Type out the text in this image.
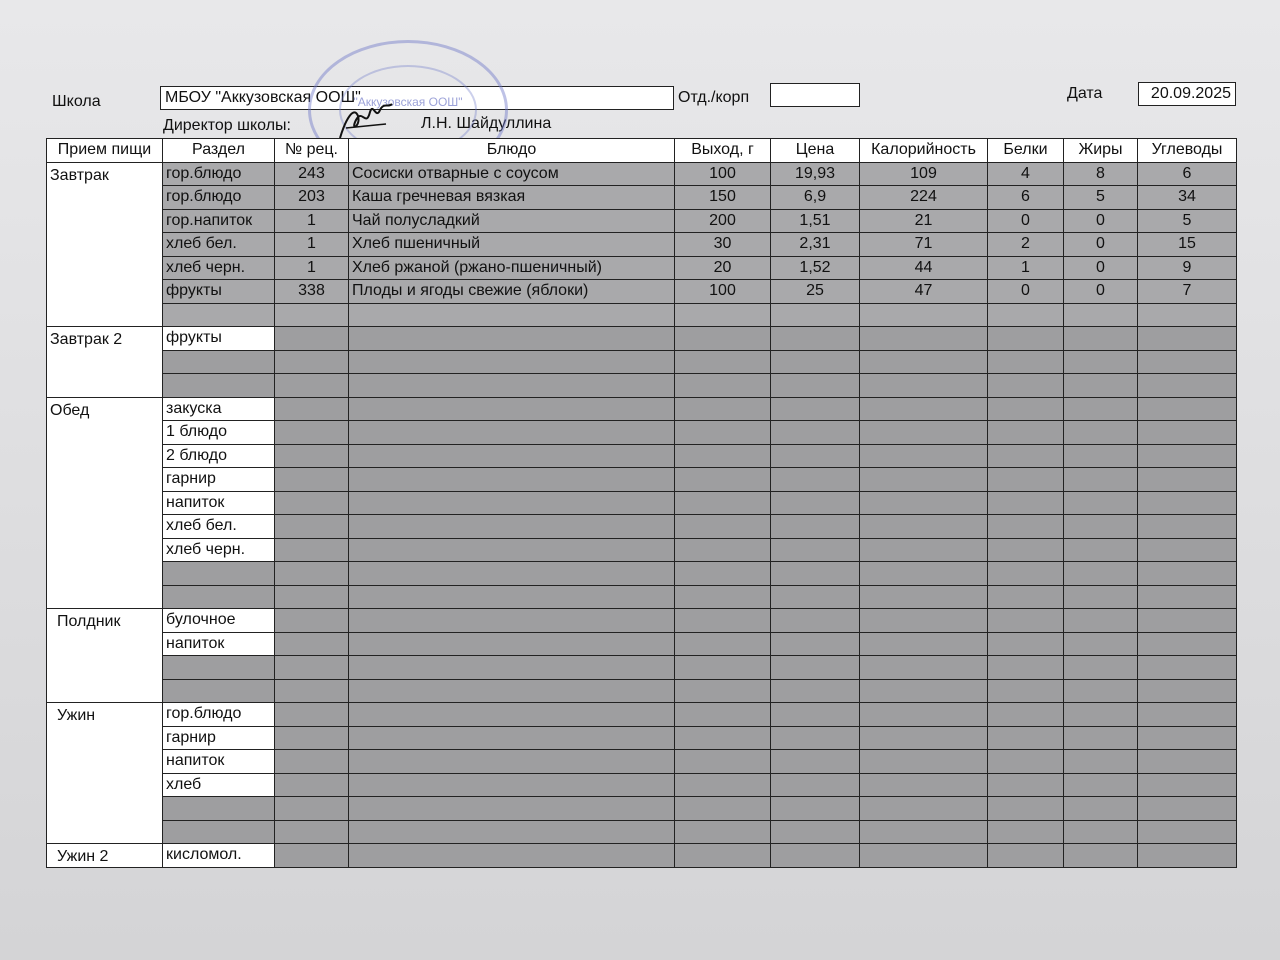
Школа	МБОУ "Аккузовская ООШ"	Отд./корп	Дата	20.09.2025
Директор школы:	Л.Н. Шайдуллина
"Аккузовская ООШ"
Прием пищи	Раздел	№ рец.	Блюдо	Выход, г	Цена	Калорийность	Белки	Жиры	Углеводы
Завтрак	гор.блюдо	243	Сосиски отварные с соусом	100	19,93	109	4	8	6
	гор.блюдо	203	Каша гречневая вязкая	150	6,9	224	6	5	34
	гор.напиток	1	Чай полусладкий	200	1,51	21	0	0	5
	хлеб бел.	1	Хлеб пшеничный	30	2,31	71	2	0	15
	хлеб черн.	1	Хлеб ржаной (ржано-пшеничный)	20	1,52	44	1	0	9
	фрукты	338	Плоды и ягоды свежие (яблоки)	100	25	47	0	0	7

Завтрак 2	фрукты								

Обед	закуска								
	1 блюдо								
	2 блюдо								
	гарнир								
	напиток								
	хлеб бел.								
	хлеб черн.								

Полдник	булочное								
	напиток								

Ужин	гор.блюдо								
	гарнир								
	напиток								
	хлеб								

Ужин 2	кисломол.								
